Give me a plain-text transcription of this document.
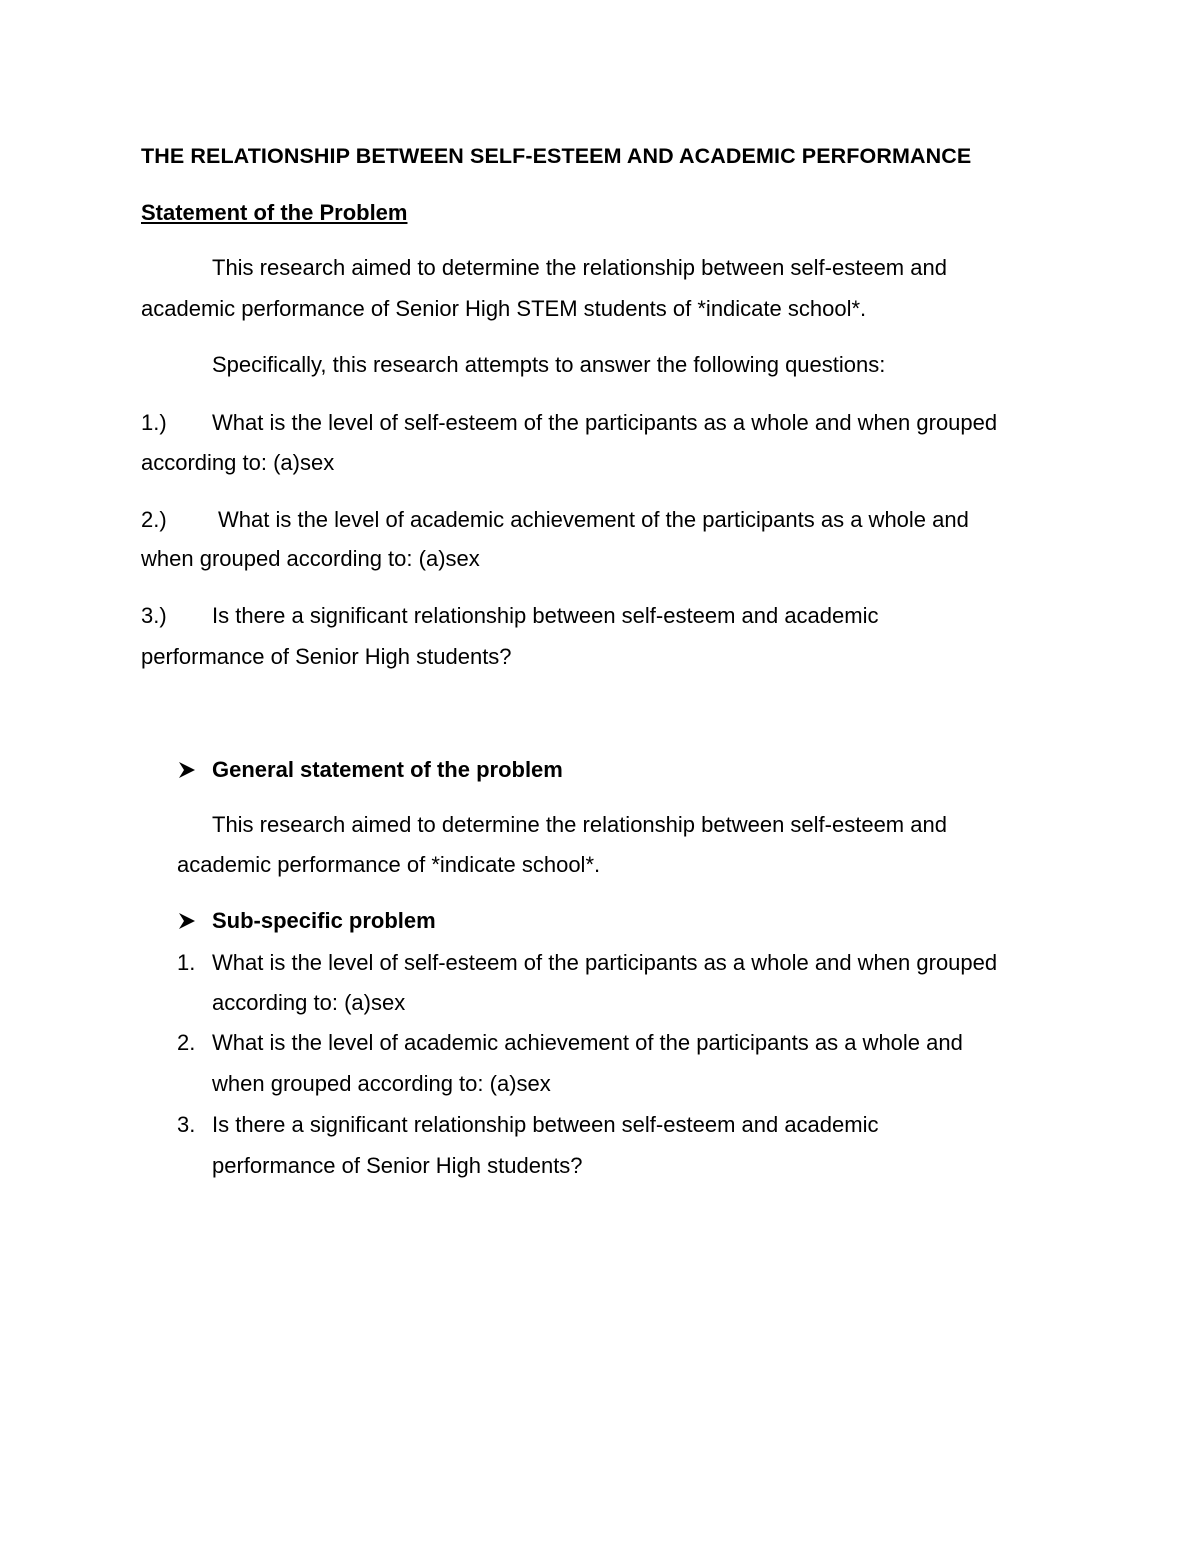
THE RELATIONSHIP BETWEEN SELF-ESTEEM AND ACADEMIC PERFORMANCE
Statement of the Problem
This research aimed to determine the relationship between self-esteem and
academic performance of Senior High STEM students of *indicate school*.
Specifically, this research attempts to answer the following questions:
1.) What is the level of self-esteem of the participants as a whole and when grouped
according to: (a)sex
2.) What is the level of academic achievement of the participants as a whole and
when grouped according to: (a)sex
3.) Is there a significant relationship between self-esteem and academic
performance of Senior High students?
General statement of the problem
This research aimed to determine the relationship between self-esteem and
academic performance of *indicate school*.
Sub-specific problem
1. What is the level of self-esteem of the participants as a whole and when grouped
according to: (a)sex
2. What is the level of academic achievement of the participants as a whole and
when grouped according to: (a)sex
3. Is there a significant relationship between self-esteem and academic
performance of Senior High students?
